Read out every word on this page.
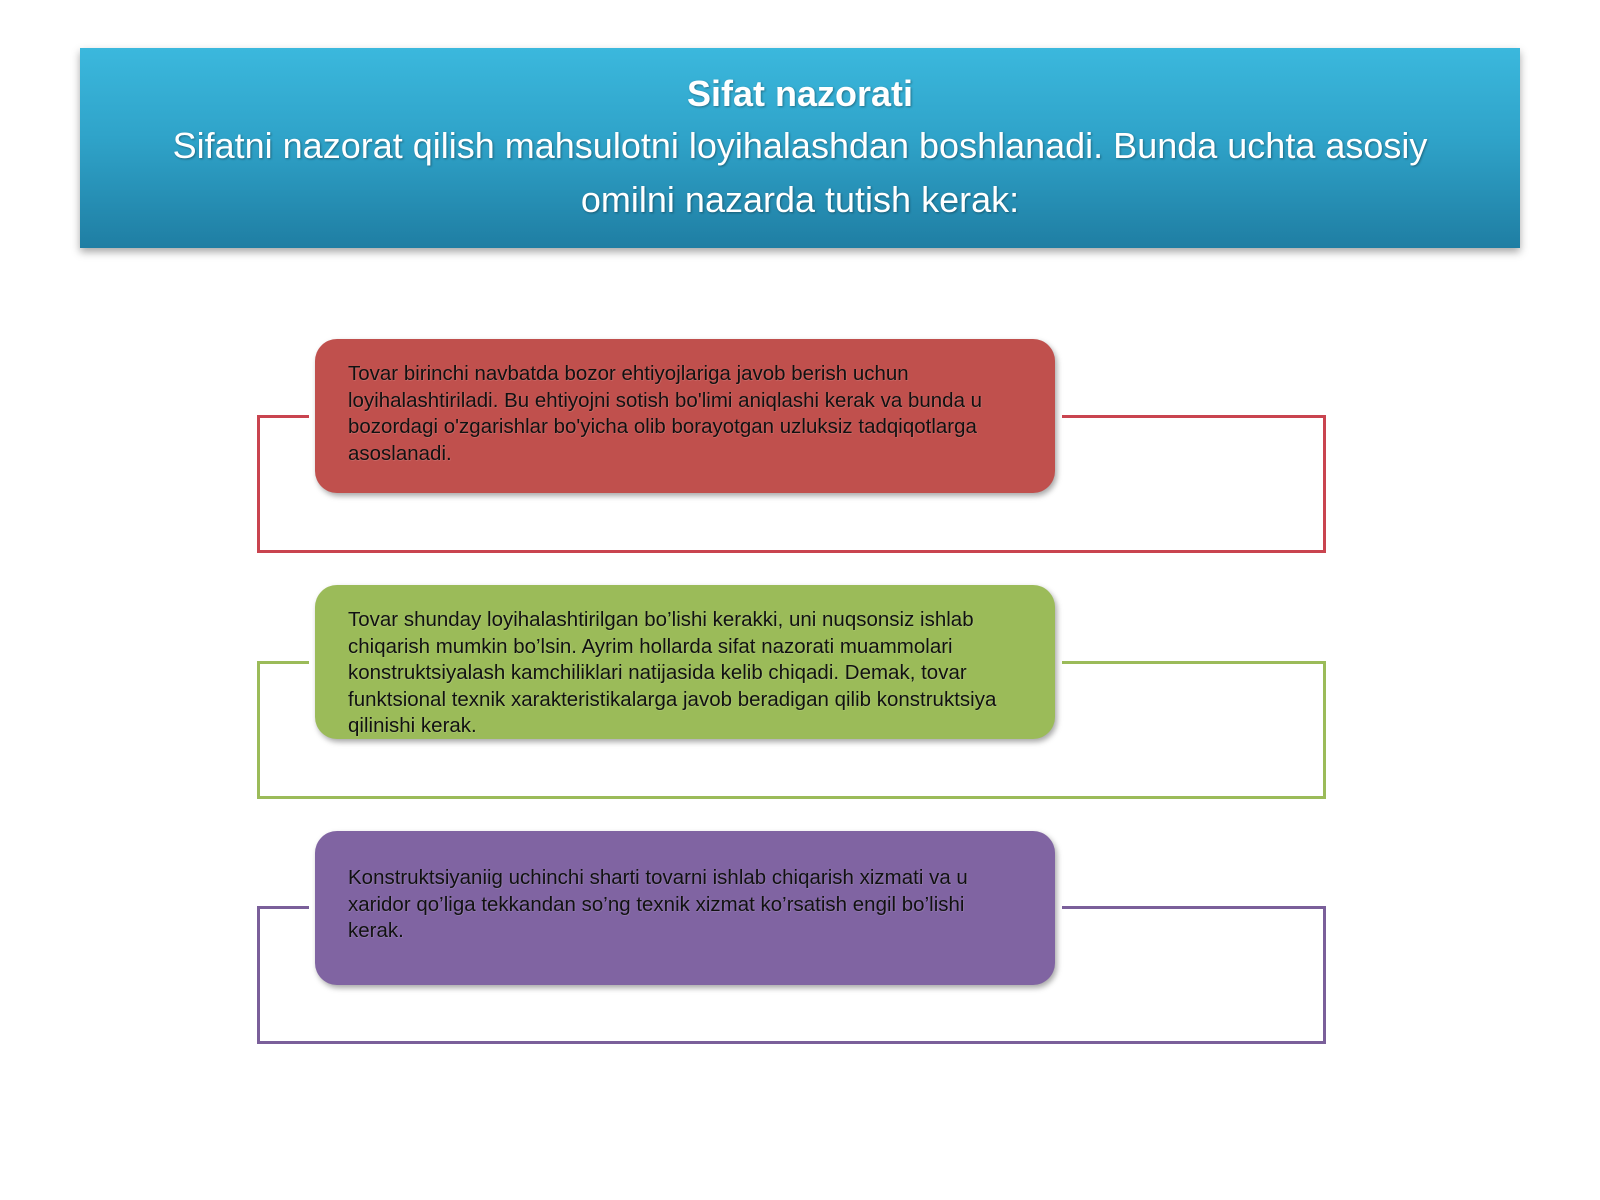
Sifat nazorati
Sifatni nazorat qilish mahsulotni loyihalashdan boshlanadi. Bunda uchta asosiy omilni nazarda tutish kerak:
Tovar birinchi navbatda bozor ehtiyojlariga javob berish uchun loyihalashtiriladi. Bu ehtiyojni sotish bo'limi aniqlashi kerak va bunda u bozordagi o'zgarishlar bo'yicha olib borayotgan uzluksiz tadqiqotlarga asoslanadi.
Tovar shunday loyihalashtirilgan bo’lishi kerakki, uni nuqsonsiz ishlab chiqarish mumkin bo’lsin. Ayrim hollarda sifat nazorati muammolari konstruktsiyalash kamchiliklari natijasida kelib chiqadi. Demak, tovar funktsional texnik xarakteristikalarga javob beradigan qilib konstruktsiya qilinishi kerak.
Konstruktsiyaniig uchinchi sharti tovarni ishlab chiqarish xizmati va u xaridor qo’liga tekkandan so’ng texnik xizmat ko’rsatish engil bo’lishi kerak.
